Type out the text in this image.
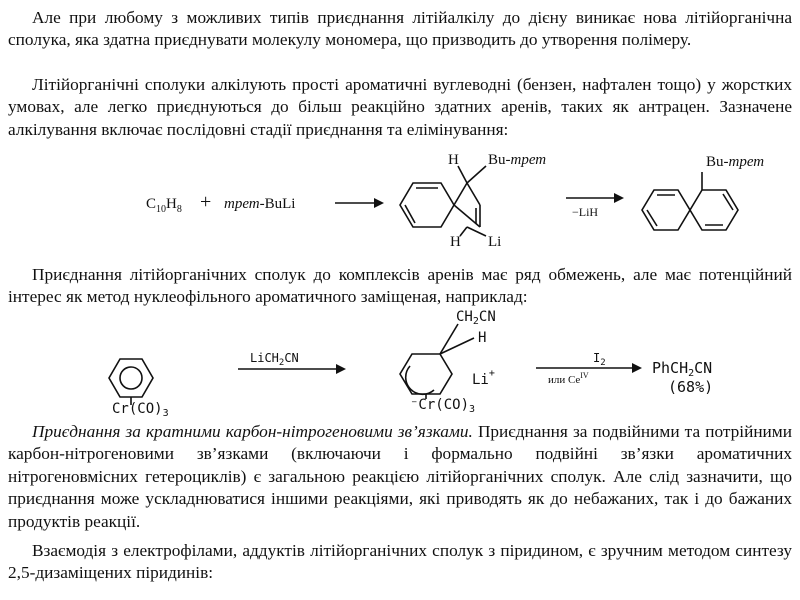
Але при любому з можливих типів приєднання літійалкілу до дієну виникає нова літійорганічна сполука, яка здатна приєднувати молекулу мономера, що призводить до утворення полімеру.

Літійорганічні сполуки алкілують прості ароматичні вуглеводні (бензен, нафтален тощо) у жорстких умовах, але легко приєднуються до більш реакційно здатних аренів, таких як антрацен. Зазначене алкілування включає послідовні стадії приєднання та елімінування:

$C_{10}H_8$ + трет-BuLi
H Bu-трет
H Li
−LiH
Bu-трет

Приєднання літійорганічних сполук до комплексів аренів має ряд обмежень, але має потенційний інтерес як метод нуклеофільного ароматичного заміщеная, наприклад:

$Cr(CO)_3$
LiCH$_2$CN
$CH_2CN$
H
Li+
$^-Cr(CO)_3$
$I_2$
или $Ce^{IV}$	PhCH$_2$CN
(68%)

Приєднання за кратними карбон-нітрогеновими зв’язками. Приєднання за подвійними та потрійними карбон-нітрогеновими зв’язками (включаючи і формально подвійні зв’язки ароматичних нітрогеновмісних гетероциклів) є загальною реакцією літійорганічних сполук. Але слід зазначити, що приєднання може ускладнюватися іншими реакціями, які приводять як до небажаних, так і до бажаних продуктів реакції.

Взаємодія з електрофілами, аддуктів літійорганічних сполук з піридином, є зручним методом синтезу 2,5-дизаміщених піридинів:
